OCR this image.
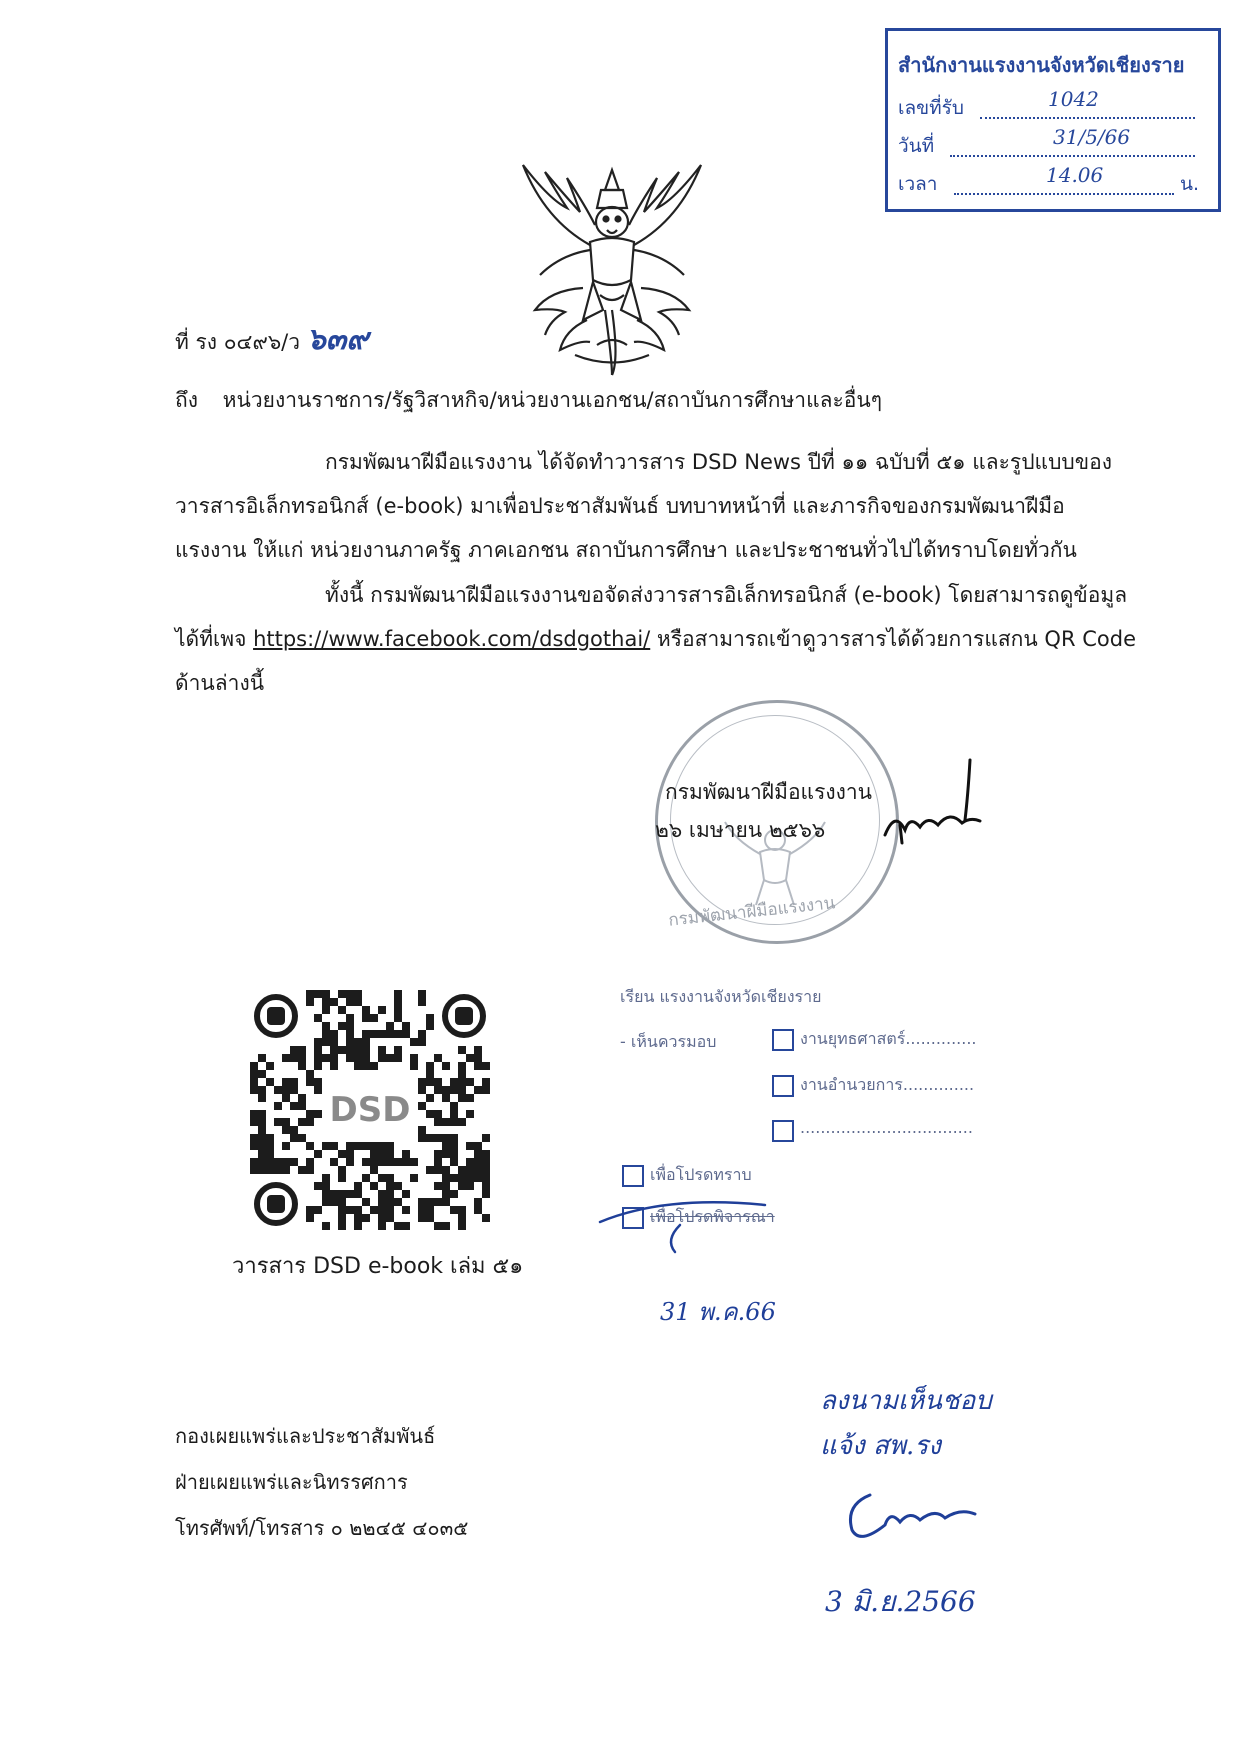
สำนักงานแรงงานจังหวัดเชียงราย
เลขที่รับ	1042
วันที่	31/5/66
เวลา	14.06	น.
ที่ รง ๐๔๙๖/ว ๖๓๙
ถึง หน่วยงานราชการ/รัฐวิสาหกิจ/หน่วยงานเอกชน/สถาบันการศึกษาและอื่นๆ
กรมพัฒนาฝีมือแรงงาน ได้จัดทำวารสาร DSD News ปีที่ ๑๑ ฉบับที่ ๕๑ และรูปแบบของ
วารสารอิเล็กทรอนิกส์ (e-book) มาเพื่อประชาสัมพันธ์ บทบาทหน้าที่ และภารกิจของกรมพัฒนาฝีมือ
แรงงาน ให้แก่ หน่วยงานภาครัฐ ภาคเอกชน สถาบันการศึกษา และประชาชนทั่วไปได้ทราบโดยทั่วกัน
ทั้งนี้ กรมพัฒนาฝีมือแรงงานขอจัดส่งวารสารอิเล็กทรอนิกส์ (e-book) โดยสามารถดูข้อมูล
ได้ที่เพจ https://www.facebook.com/dsdgothai/ หรือสามารถเข้าดูวารสารได้ด้วยการแสกน QR Code
ด้านล่างนี้
กรมพัฒนาฝีมือแรงงาน
กรมพัฒนาฝีมือแรงงาน
๒๖ เมษายน ๒๕๖๖
DSD
วารสาร DSD e-book เล่ม ๕๑
เรียน แรงงานจังหวัดเชียงราย
- เห็นควรมอบ	งานยุทธศาสตร์..............
งานอำนวยการ..............
..................................
เพื่อโปรดทราบ
เพื่อโปรดพิจารณา
31 พ.ค.66
ลงนามเห็นชอบ
แจ้ง สพ.รง
3 มิ.ย.2566
กองเผยแพร่และประชาสัมพันธ์
ฝ่ายเผยแพร่และนิทรรศการ
โทรศัพท์/โทรสาร ๐ ๒๒๔๕ ๔๐๓๕
